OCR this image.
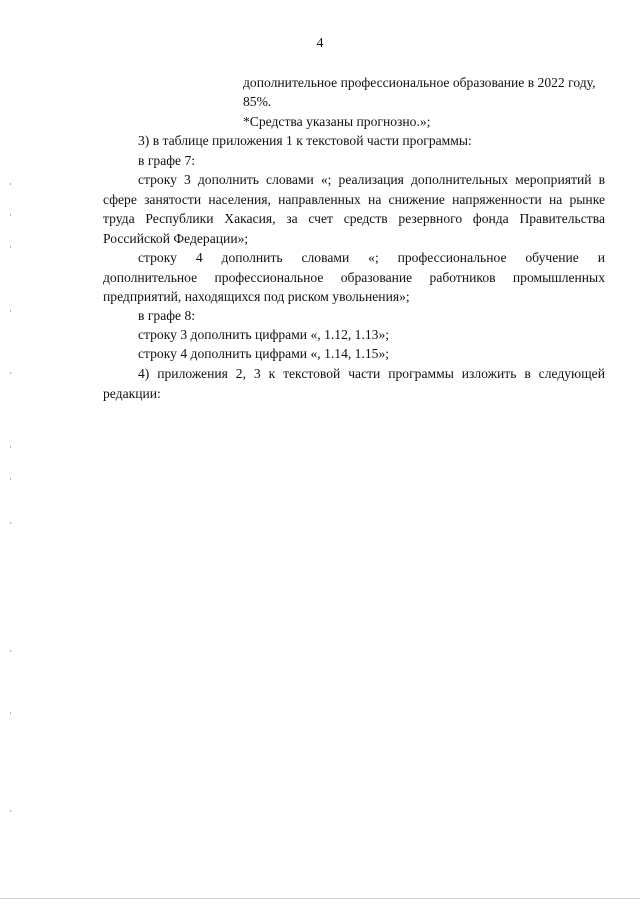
4

дополнительное профессиональное образование в 2022 году,

85%.

*Средства указаны прогнозно.»;

3) в таблице приложения 1 к текстовой части программы:

в графе 7:

строку 3 дополнить словами «; реализация дополнительных мероприятий в
сфере занятости населения, направленных на снижение напряженности на рынке
труда Республики Хакасия, за счет средств резервного фонда Правительства
Российской Федерации»;
строку 4 дополнить словами «; профессиональное обучение и
дополнительное профессиональное образование работников промышленных
предприятий, находящихся под риском увольнения»;

в графе 8:

строку 3 дополнить цифрами «, 1.12, 1.13»;

строку 4 дополнить цифрами «, 1.14, 1.15»;

4) приложения 2, 3 к текстовой части программы изложить в следующей
редакции:
